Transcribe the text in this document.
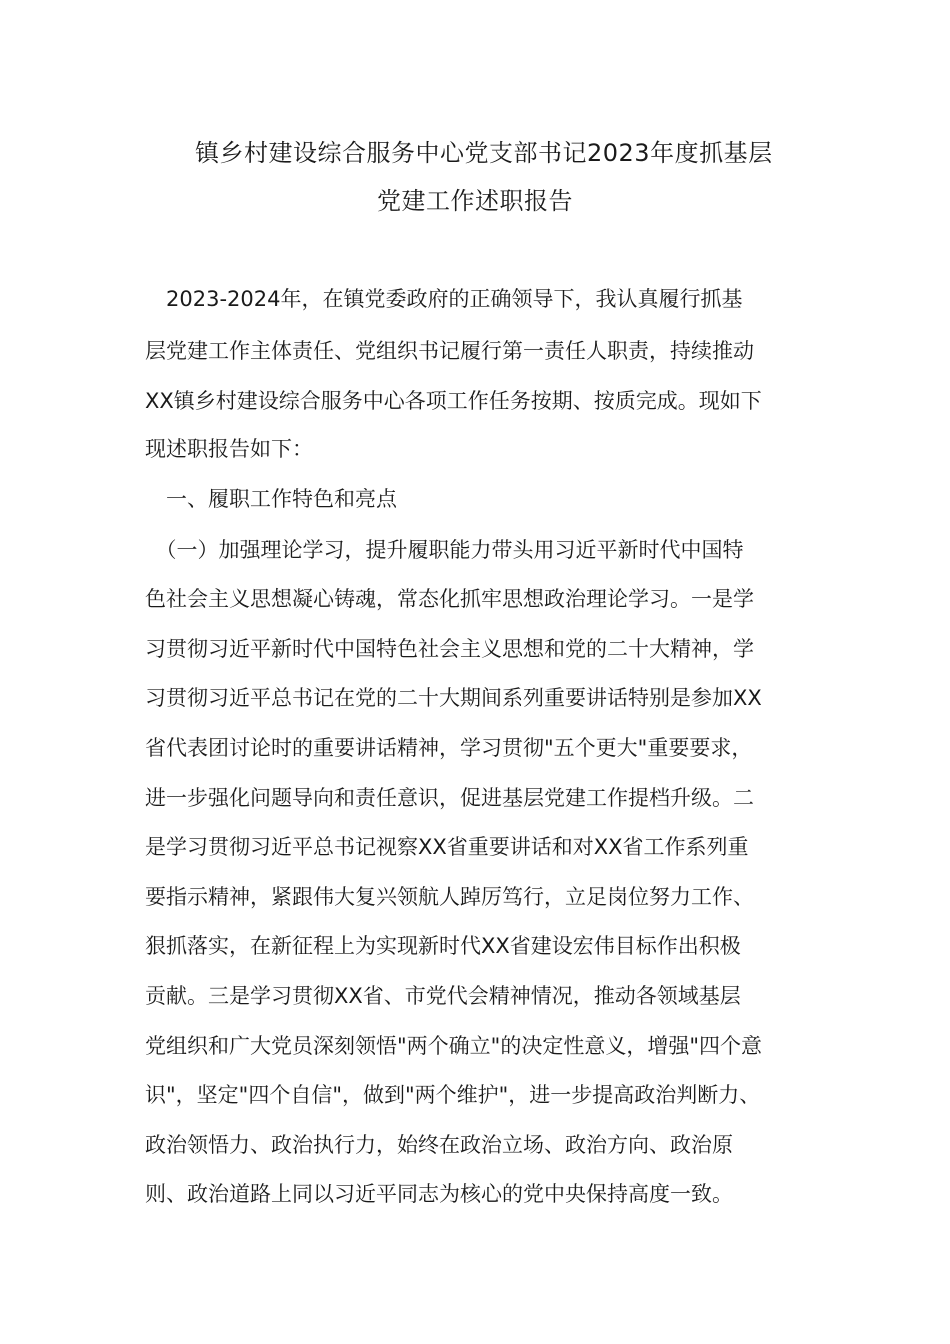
镇乡村建设综合服务中心党支部书记2023年度抓基层
党建工作述职报告
　2023-2024年，在镇党委政府的正确领导下，我认真履行抓基
层党建工作主体责任、党组织书记履行第一责任人职责，持续推动
XX镇乡村建设综合服务中心各项工作任务按期、按质完成。现如下
现述职报告如下：
　一、履职工作特色和亮点
　（一）加强理论学习，提升履职能力带头用习近平新时代中国特
色社会主义思想凝心铸魂，常态化抓牢思想政治理论学习。一是学
习贯彻习近平新时代中国特色社会主义思想和党的二十大精神，学
习贯彻习近平总书记在党的二十大期间系列重要讲话特别是参加XX
省代表团讨论时的重要讲话精神，学习贯彻"五个更大"重要要求，
进一步强化问题导向和责任意识，促进基层党建工作提档升级。二
是学习贯彻习近平总书记视察XX省重要讲话和对XX省工作系列重
要指示精神，紧跟伟大复兴领航人踔厉笃行，立足岗位努力工作、
狠抓落实，在新征程上为实现新时代XX省建设宏伟目标作出积极
贡献。三是学习贯彻XX省、市党代会精神情况，推动各领域基层
党组织和广大党员深刻领悟"两个确立"的决定性意义，增强"四个意
识"，坚定"四个自信"，做到"两个维护"，进一步提高政治判断力、
政治领悟力、政治执行力，始终在政治立场、政治方向、政治原
则、政治道路上同以习近平同志为核心的党中央保持高度一致。
